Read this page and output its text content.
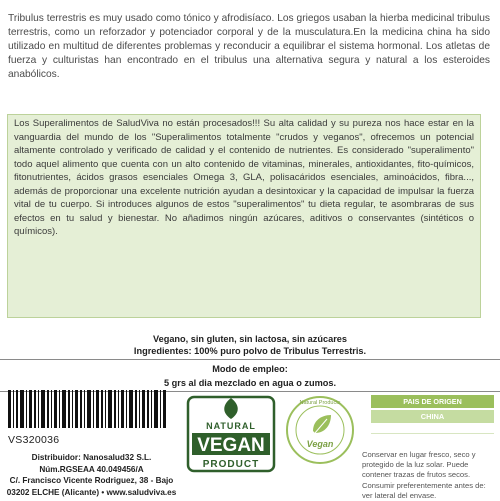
Tribulus terrestris es muy usado como tónico y afrodisíaco. Los griegos usaban la hierba medicinal tribulus terrestris, como un reforzador y potenciador corporal y de la musculatura.En la medicina china ha sido utilizado en multitud de diferentes problemas y reconducir a equilibrar el sistema hormonal. Los atletas de fuerza y culturistas han encontrado en el tribulus una alternativa segura y natural a los esteroides anabólicos.

Los Superalimentos de SaludViva no están procesados!!! Su alta calidad y su pureza nos hace estar en la vanguardia del mundo de los "Superalimentos totalmente "crudos y veganos", ofrecemos un potencial altamente controlado y verificado de calidad y el contenido de nutrientes. Es considerado "superalimento" todo aquel alimento que cuenta con un alto contenido de vitaminas, minerales, antioxidantes, fito-químicos, fitonutrientes, ácidos grasos esenciales Omega 3, GLA, polisacáridos esenciales, aminoácidos, fibra..., además de proporcionar una excelente nutrición ayudan a desintoxicar y la capacidad de impulsar la fuerza vital de tu cuerpo. Si introduces algunos de estos "superalimentos" tu dieta regular, te asombraras de sus efectos en tu salud y bienestar. No añadimos ningún azúcares, aditivos o conservantes (sintéticos o químicos).

Vegano, sin gluten, sin lactosa, sin azúcares
Ingredientes: 100% puro polvo de Tribulus Terrestris.
Modo de empleo:
5 grs al dia mezclado en agua o zumos.
VS320036
Distribuidor: Nanosalud32 S.L.
Núm.RGSEAA 40.049456/A
C/. Francisco Vicente Rodriguez, 38 - Bajo
03202 ELCHE (Alicante) • www.saludviva.es
NATURAL
VEGAN
PRODUCT
Vegan
Natural Products	PAIS DE ORIGEN
CHINA
Conservar en lugar fresco, seco y protegido de la luz solar. Puede contener trazas de frutos secos. Consumir preferentemente antes de: ver lateral del envase.
